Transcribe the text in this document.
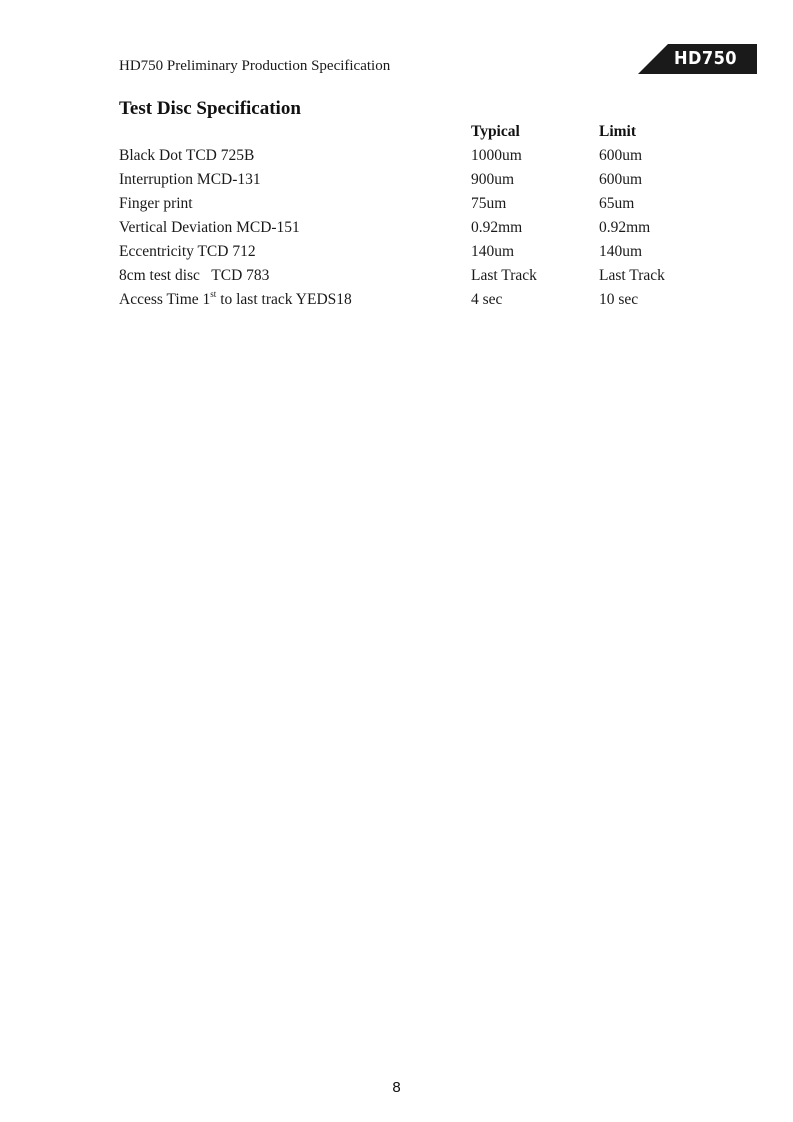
HD750 Preliminary Production Specification	HD750
Test Disc Specification
	Typical	Limit
Black Dot TCD 725B	1000um	600um
Interruption MCD-131	900um	600um
Finger print	75um	65um
Vertical Deviation MCD-151	0.92mm	0.92mm
Eccentricity TCD 712	140um	140um
8cm test disc   TCD 783	Last Track	Last Track
Access Time 1st to last track YEDS18	4 sec	10 sec
8
